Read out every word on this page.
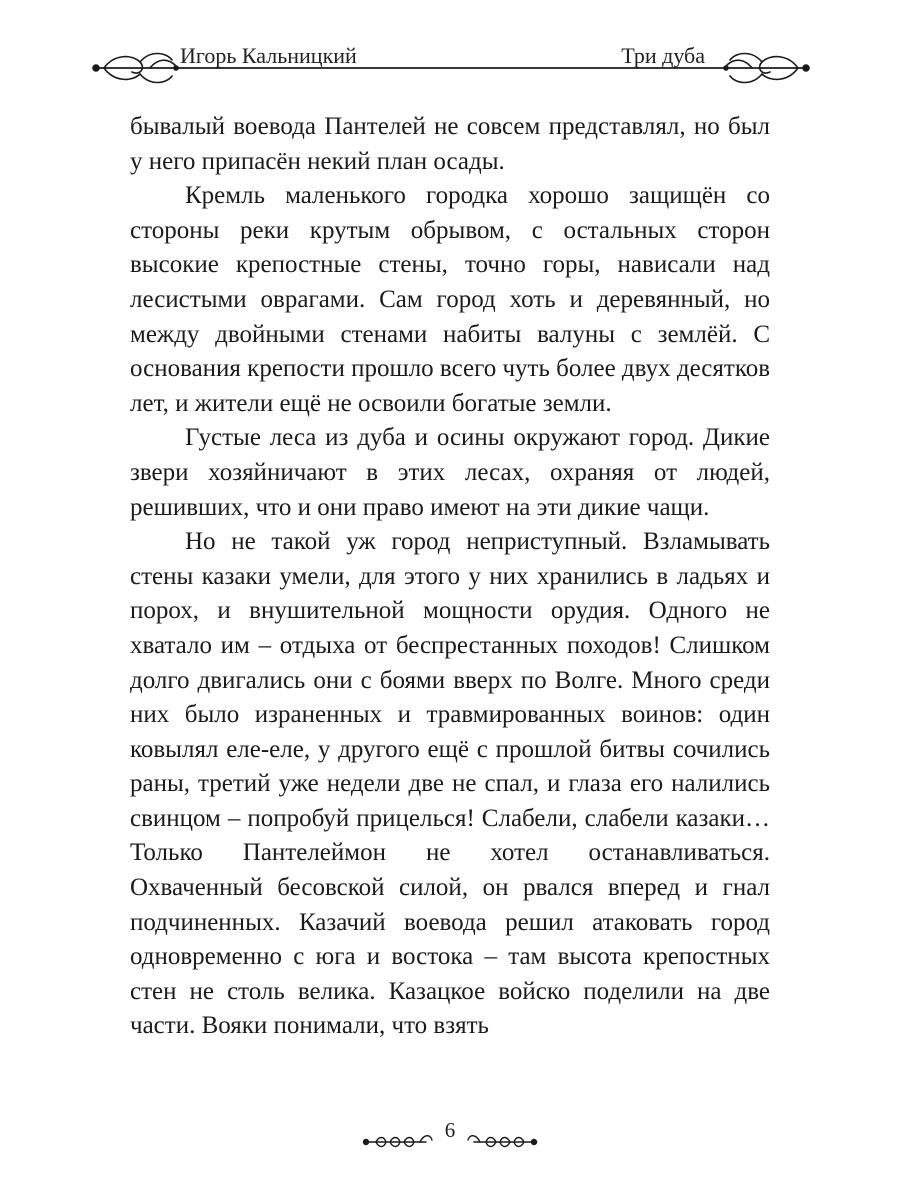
Игорь Кальницкий	Три дуба

бывалый воевода Пантелей не совсем представлял, но был у него припасён некий план осады.

Кремль маленького городка хорошо защищён со стороны реки крутым обрывом, с остальных сторон высокие крепостные стены, точно горы, нависали над лесистыми оврагами. Сам город хоть и деревянный, но между двойными стенами набиты валуны с землёй. С основания крепости прошло всего чуть более двух десятков лет, и жители ещё не освоили богатые земли.

Густые леса из дуба и осины окружают город. Дикие звери хозяйничают в этих лесах, охраняя от людей, решивших, что и они право имеют на эти дикие чащи.

Но не такой уж город неприступный. Взламывать стены казаки умели, для этого у них хранились в ладьях и порох, и внушительной мощности орудия. Одного не хватало им – отдыха от беспрестанных походов! Слишком долго двигались они с боями вверх по Волге. Много среди них было израненных и травмированных воинов: один ковылял еле-еле, у другого ещё с прошлой битвы сочились раны, третий уже недели две не спал, и глаза его налились свинцом – попробуй прицелься! Слабели, слабели казаки… Только Пантелеймон не хотел останавливаться. Охваченный бесовской силой, он рвался вперед и гнал подчиненных. Казачий воевода решил атаковать город одновременно с юга и востока – там высота крепостных стен не столь велика. Казацкое войско поделили на две части. Вояки понимали, что взять

6
